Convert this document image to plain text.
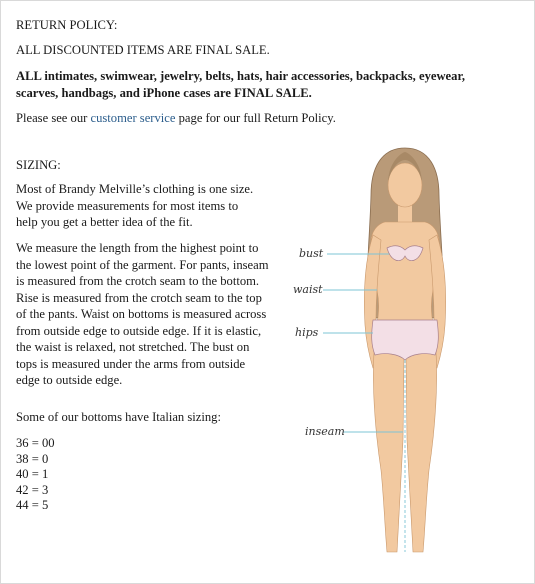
RETURN POLICY:

ALL DISCOUNTED ITEMS ARE FINAL SALE.

ALL intimates, swimwear, jewelry, belts, hats, hair accessories, backpacks, eyewear, scarves, handbags, and iPhone cases are FINAL SALE.

Please see our customer service page for our full Return Policy.

SIZING:

Most of Brandy Melville’s clothing is one size. We provide measurements for most items to help you get a better idea of the fit.

We measure the length from the highest point to the lowest point of the garment. For pants, inseam is measured from the crotch seam to the bottom. Rise is measured from the crotch seam to the top of the pants. Waist on bottoms is measured across from outside edge to outside edge. If it is elastic, the waist is relaxed, not stretched. The bust on tops is measured under the arms from outside edge to outside edge.

Some of our bottoms have Italian sizing:

36 = 00
38 = 0
40 = 1
42 = 3
44 = 5
bust
waist
hips
inseam
